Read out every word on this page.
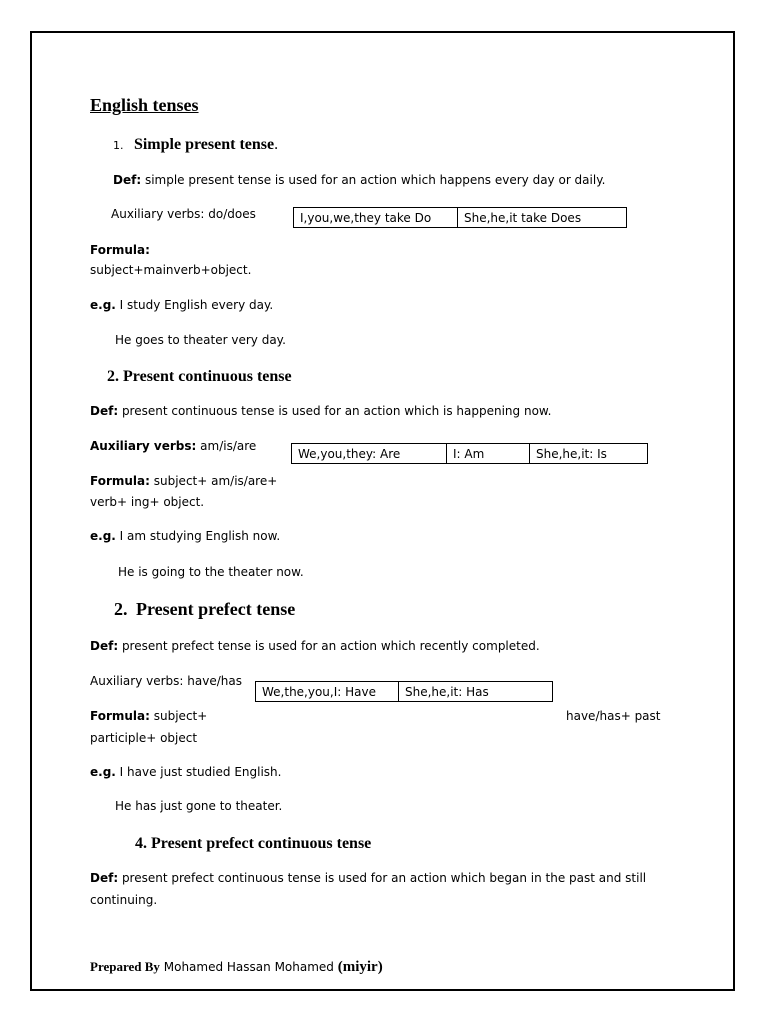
English tenses
1. Simple present tense.
Def: simple present tense is used for an action which happens every day or daily.
Auxiliary verbs: do/does	I,you,we,they take Do	She,he,it take Does
Formula:
subject+mainverb+object.
e.g. I study English every day.
He goes to theater very day.
2. Present continuous tense
Def: present continuous tense is used for an action which is happening now.
Auxiliary verbs: am/is/are
We,you,they: Are	I: Am	She,he,it: Is
Formula: subject+ am/is/are+
verb+ ing+ object.
e.g. I am studying English now.
He is going to the theater now.
2. Present prefect tense
Def: present prefect tense is used for an action which recently completed.
Auxiliary verbs: have/has
We,the,you,I: Have	She,he,it: Has
Formula: subject+	have/has+ past
participle+ object
e.g. I have just studied English.
He has just gone to theater.
4. Present prefect continuous tense
Def: present prefect continuous tense is used for an action which began in the past and still
continuing.
Prepared By Mohamed Hassan Mohamed (miyir)
